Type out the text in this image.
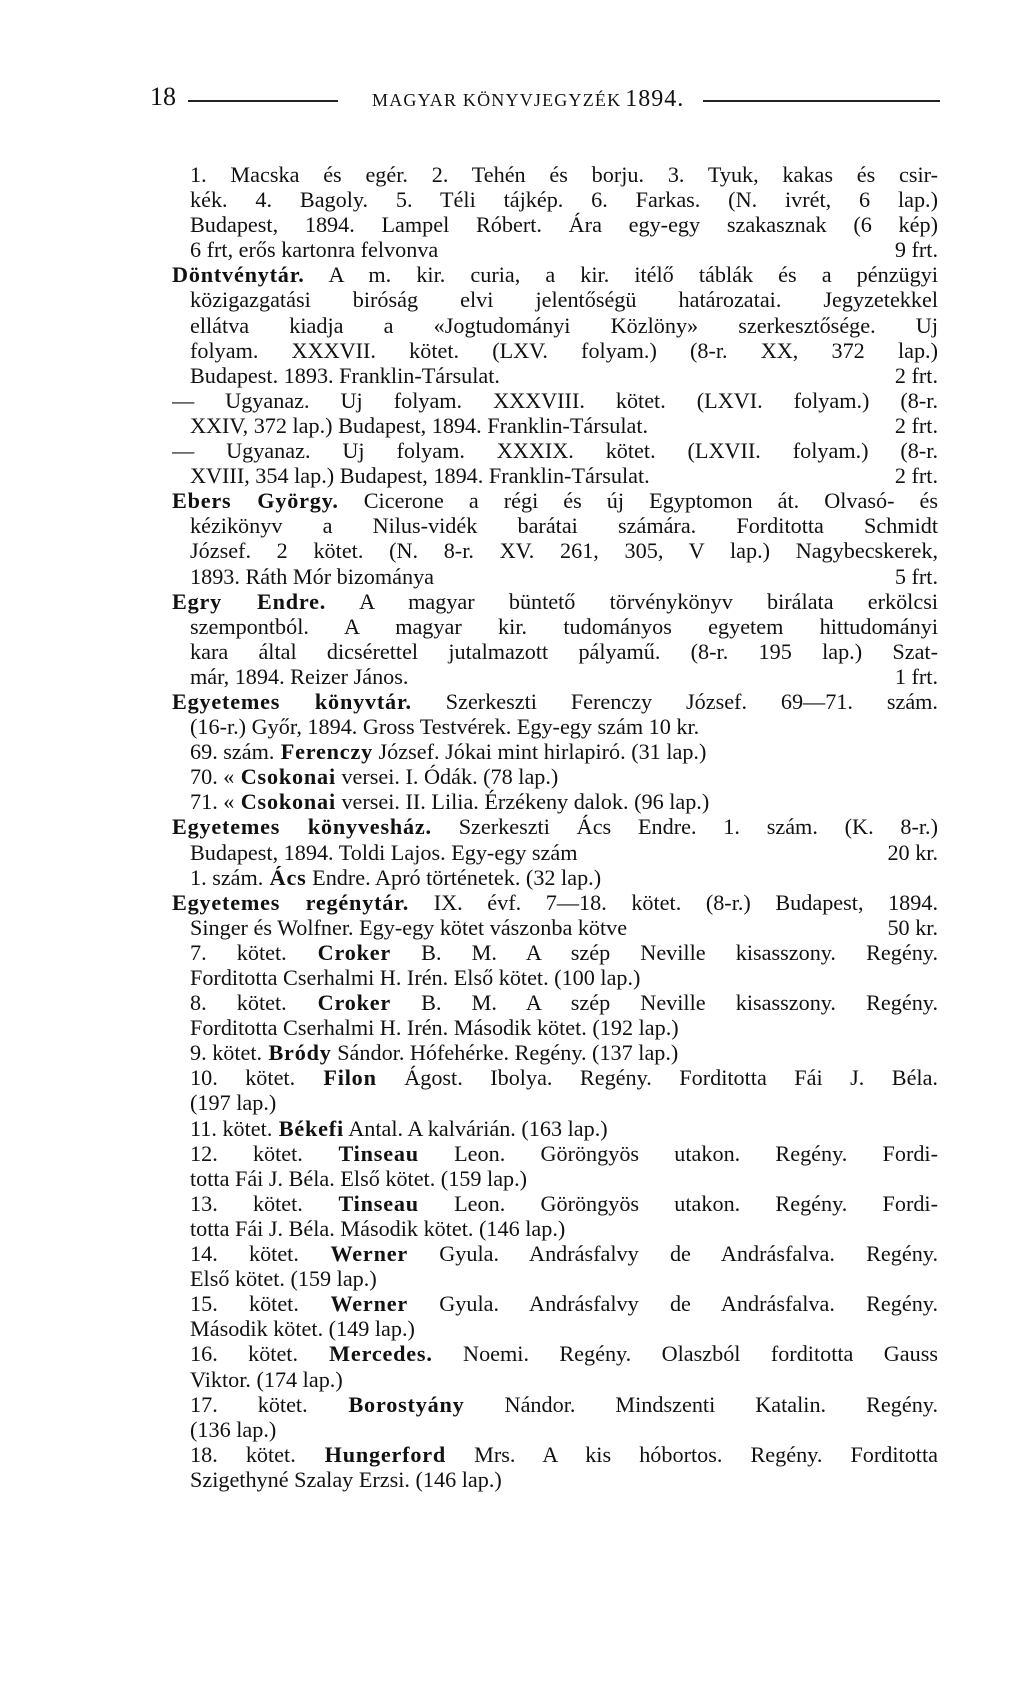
18	MAGYAR KÖNYVJEGYZÉK 1894.
1. Macska és egér. 2. Tehén és borju. 3. Tyuk, kakas és csir-
kék. 4. Bagoly. 5. Téli tájkép. 6. Farkas. (N. ivrét, 6 lap.)
Budapest, 1894. Lampel Róbert. Ára egy-egy szakasznak (6 kép)
9 frt.
6 frt, erős kartonra felvonva
Döntvénytár. A m. kir. curia, a kir. itélő táblák és a pénzügyi
közigazgatási biróság elvi jelentőségü határozatai. Jegyzetekkel
ellátva kiadja a «Jogtudományi Közlöny» szerkesztősége. Uj
folyam. XXXVII. kötet. (LXV. folyam.) (8-r. XX, 372 lap.)
2 frt.
Budapest. 1893. Franklin-Társulat.
— Ugyanaz. Uj folyam. XXXVIII. kötet. (LXVI. folyam.) (8-r.
2 frt.
XXIV, 372 lap.) Budapest, 1894. Franklin-Társulat.
— Ugyanaz. Uj folyam. XXXIX. kötet. (LXVII. folyam.) (8-r.
2 frt.
XVIII, 354 lap.) Budapest, 1894. Franklin-Társulat.
Ebers György. Cicerone a régi és új Egyptomon át. Olvasó- és
kézikönyv a Nilus-vidék barátai számára. Forditotta Schmidt
József. 2 kötet. (N. 8-r. XV. 261, 305, V lap.) Nagybecskerek,
5 frt.
1893. Ráth Mór bizománya
Egry Endre. A magyar büntető törvénykönyv birálata erkölcsi
szempontból. A magyar kir. tudományos egyetem hittudományi
kara által dicsérettel jutalmazott pályamű. (8-r. 195 lap.) Szat-
1 frt.
már, 1894. Reizer János.
Egyetemes könyvtár. Szerkeszti Ferenczy József. 69—71. szám.
(16-r.) Győr, 1894. Gross Testvérek. Egy-egy szám 10 kr.
69. szám. Ferenczy József. Jókai mint hirlapiró. (31 lap.)
70. « Csokonai versei. I. Ódák. (78 lap.)
71. « Csokonai versei. II. Lilia. Érzékeny dalok. (96 lap.)
Egyetemes könyvesház. Szerkeszti Ács Endre. 1. szám. (K. 8-r.)
20 kr.
Budapest, 1894. Toldi Lajos. Egy-egy szám
1. szám. Ács Endre. Apró történetek. (32 lap.)
Egyetemes regénytár. IX. évf. 7—18. kötet. (8-r.) Budapest, 1894.
50 kr.
Singer és Wolfner. Egy-egy kötet vászonba kötve
7. kötet. Croker B. M. A szép Neville kisasszony. Regény.
Forditotta Cserhalmi H. Irén. Első kötet. (100 lap.)
8. kötet. Croker B. M. A szép Neville kisasszony. Regény.
Forditotta Cserhalmi H. Irén. Második kötet. (192 lap.)
9. kötet. Bródy Sándor. Hófehérke. Regény. (137 lap.)
10. kötet. Filon Ágost. Ibolya. Regény. Forditotta Fái J. Béla.
(197 lap.)
11. kötet. Békefi Antal. A kalvárián. (163 lap.)
12. kötet. Tinseau Leon. Göröngyös utakon. Regény. Fordi-
totta Fái J. Béla. Első kötet. (159 lap.)
13. kötet. Tinseau Leon. Göröngyös utakon. Regény. Fordi-
totta Fái J. Béla. Második kötet. (146 lap.)
14. kötet. Werner Gyula. Andrásfalvy de Andrásfalva. Regény.
Első kötet. (159 lap.)
15. kötet. Werner Gyula. Andrásfalvy de Andrásfalva. Regény.
Második kötet. (149 lap.)
16. kötet. Mercedes. Noemi. Regény. Olaszból forditotta Gauss
Viktor. (174 lap.)
17. kötet. Borostyány Nándor. Mindszenti Katalin. Regény.
(136 lap.)
18. kötet. Hungerford Mrs. A kis hóbortos. Regény. Forditotta
Szigethyné Szalay Erzsi. (146 lap.)
